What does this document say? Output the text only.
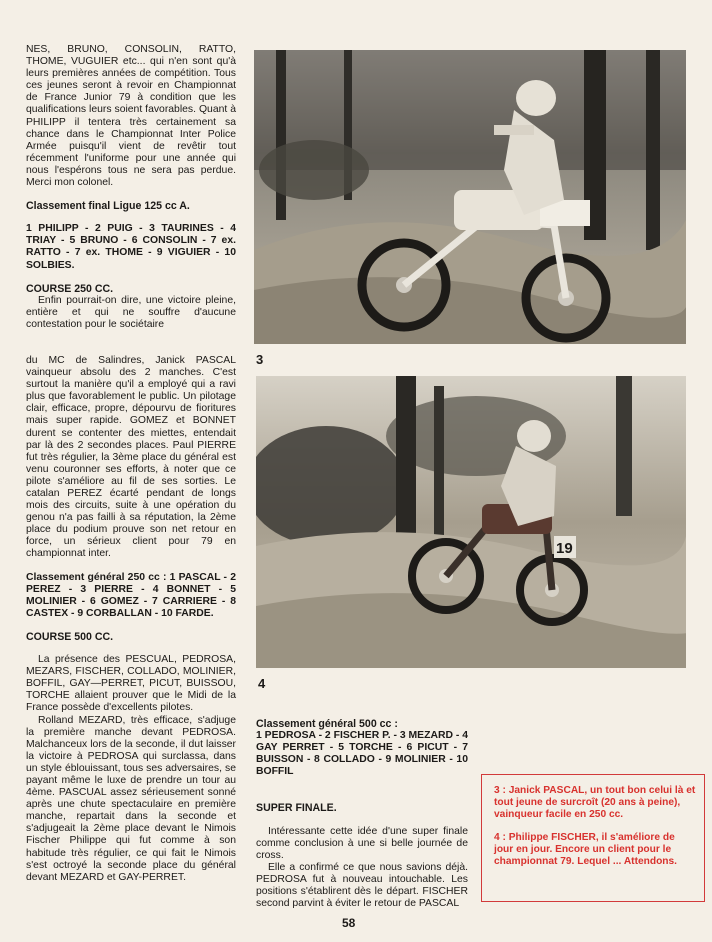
NES, BRUNO, CONSOLIN, RATTO, THOME, VUGUIER etc... qui n'en sont qu'à leurs premières années de compétition. Tous ces jeunes seront à revoir en Championnat de France Junior 79 à condition que les qualifications leurs soient favorables. Quant à PHILIPP il tentera très certainement sa chance dans le Championnat Inter Police Armée puisqu'il vient de revêtir tout récemment l'uniforme pour une année qui nous l'espérons tous ne sera pas perdue. Merci mon colonel.

Classement final Ligue 125 cc A.

1 PHILIPP - 2 PUIG - 3 TAURINES - 4 TRIAY - 5 BRUNO - 6 CONSOLIN - 7 ex. RATTO - 7 ex. THOME - 9 VIGUIER - 10 SOLBIES.

COURSE 250 CC.

Enfin pourrait-on dire, une victoire pleine, entière et qui ne souffre d'aucune contestation pour le sociétaire

du MC de Salindres, Janick PASCAL vainqueur absolu des 2 manches. C'est surtout la manière qu'il a employé qui a ravi plus que favorablement le public. Un pilotage clair, efficace, propre, dépourvu de fioritures mais super rapide. GOMEZ et BONNET durent se contenter des miettes, entendait par là des 2 secondes places. Paul PIERRE fut très régulier, la 3ème place du général est venu couronner ses efforts, à noter que ce pilote s'améliore au fil de ses sorties. Le catalan PEREZ écarté pendant de longs mois des circuits, suite à une opération du genou n'a pas failli à sa réputation, la 2ème place du podium prouve son net retour en force, un sérieux client pour 79 en championnat inter.

Classement général 250 cc : 1 PASCAL - 2 PEREZ - 3 PIERRE - 4 BONNET - 5 MOLINIER - 6 GOMEZ - 7 CARRIERE - 8 CASTEX - 9 CORBALLAN - 10 FARDE.

COURSE 500 CC.

La présence des PESCUAL, PEDROSA, MEZARS, FISCHER, COLLADO, MOLINIER, BOFFIL, GAY—PERRET, PICUT, BUISSOU, TORCHE allaient prouver que le Midi de la France possède d'excellents pilotes.

Rolland MEZARD, très efficace, s'adjuge la première manche devant PEDROSA. Malchanceux lors de la seconde, il dut laisser la victoire à PEDROSA qui surclassa, dans un style éblouissant, tous ses adversaires, se payant même le luxe de prendre un tour au 4ème. PASCUAL assez sérieusement sonné après une chute spectaculaire en première manche, repartait dans la seconde et s'adjugeait la 2ème place devant le Nimois Fischer Philippe qui fut comme à son habitude très régulier, ce qui fait le Nimois s'est octroyé la seconde place du général devant MEZARD et GAY-PERRET.

3
19
4

Classement général 500 cc :

1 PEDROSA - 2 FISCHER P. - 3 MEZARD - 4 GAY PERRET - 5 TORCHE - 6 PICUT - 7 BUISSON - 8 COLLADO - 9 MOLINIER - 10 BOFFIL

SUPER FINALE.

Intéressante cette idée d'une super finale comme conclusion à une si belle journée de cross.

Elle a confirmé ce que nous savions déjà. PEDROSA fut à nouveau intouchable. Les positions s'établirent dès le départ. FISCHER second parvint à éviter le retour de PASCAL

3 : Janick PASCAL, un tout bon celui là et tout jeune de surcroît (20 ans à peine), vainqueur facile en 250 cc.

4 : Philippe FISCHER, il s'améliore de jour en jour. Encore un client pour le championnat 79. Lequel ... Attendons.

58
